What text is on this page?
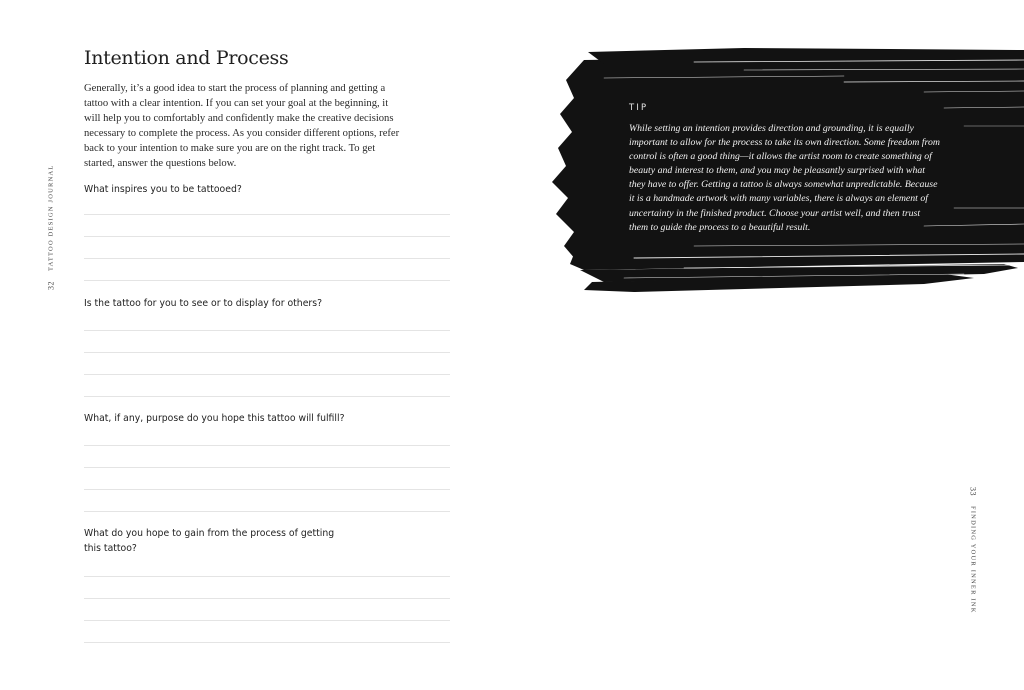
32
TATTOO DESIGN JOURNAL
Intention and Process

Generally, it’s a good idea to start the process of planning and getting a tattoo with a clear intention. If you can set your goal at the beginning, it will help you to comfortably and confidently make the creative decisions necessary to complete the process. As you consider different options, refer back to your intention to make sure you are on the right track. To get started, answer the questions below.

What inspires you to be tattooed?

Is the tattoo for you to see or to display for others?

What, if any, purpose do you hope this tattoo will fulfill?

What do you hope to gain from the process of getting this tattoo?

TIP

While setting an intention provides direction and grounding, it is equally important to allow for the process to take its own direction. Some freedom from control is often a good thing—it allows the artist room to create something of beauty and interest to them, and you may be pleasantly surprised with what they have to offer. Getting a tattoo is always somewhat unpredictable. Because it is a handmade artwork with many variables, there is always an element of uncertainty in the finished product. Choose your artist well, and then trust them to guide the process to a beautiful result.

33
FINDING YOUR INNER INK
